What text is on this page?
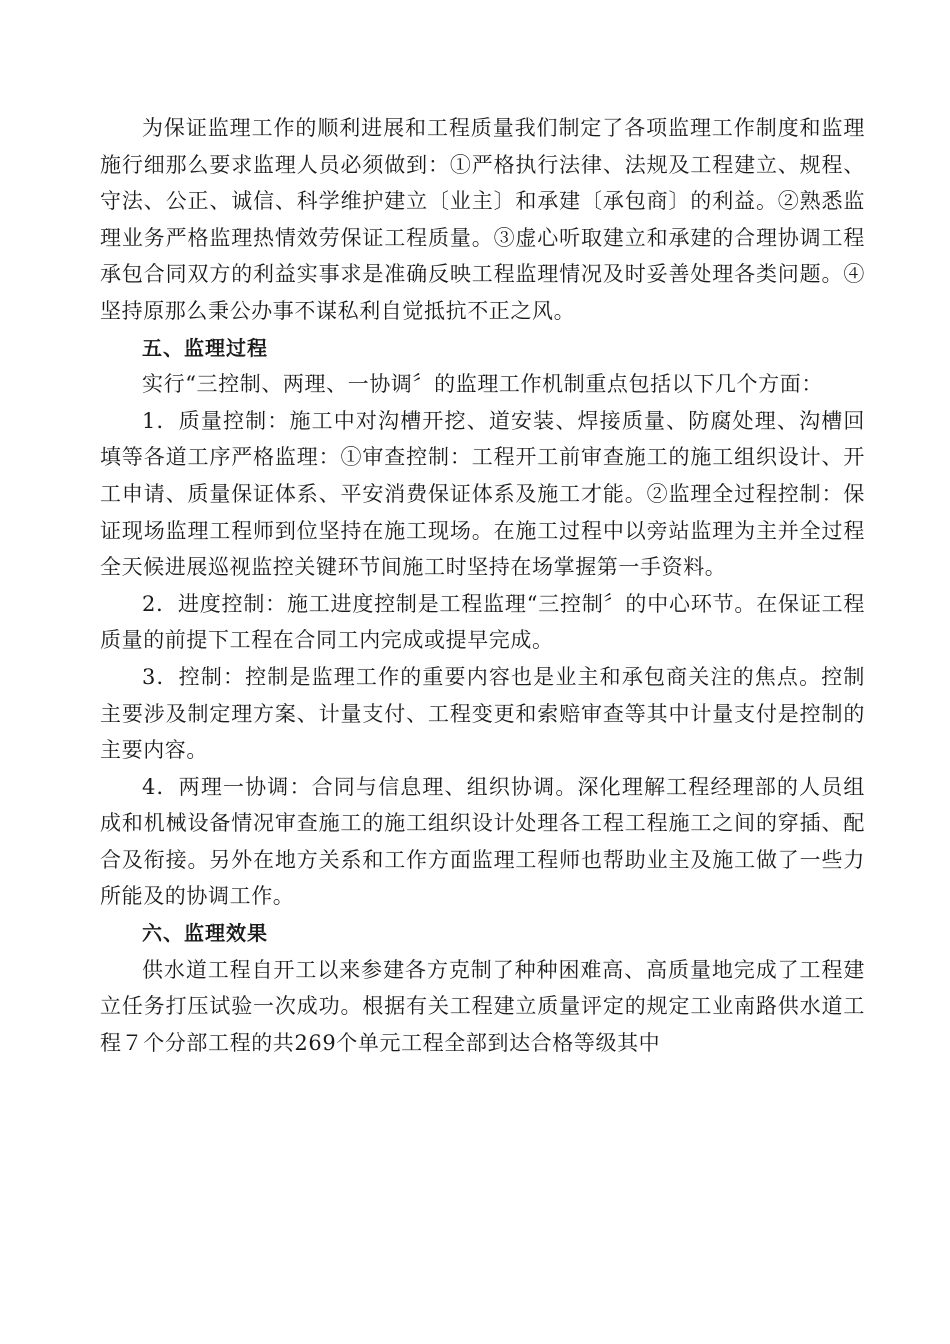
为保证监理工作的顺利进展和工程质量我们制定了各项监理工作制度和监理施行细那么要求监理人员必须做到：①严格执行法律、法规及工程建立、规程、守法、公正、诚信、科学维护建立〔业主〕和承建〔承包商〕的利益。②熟悉监理业务严格监理热情效劳保证工程质量。③虚心听取建立和承建的合理协调工程承包合同双方的利益实事求是准确反映工程监理情况及时妥善处理各类问题。④坚持原那么秉公办事不谋私利自觉抵抗不正之风。

五、监理过程

实行“三控制、两理、一协调〞的监理工作机制重点包括以下几个方面：

1．质量控制：施工中对沟槽开挖、道安装、焊接质量、防腐处理、沟槽回填等各道工序严格监理：①审查控制：工程开工前审查施工的施工组织设计、开工申请、质量保证体系、平安消费保证体系及施工才能。②监理全过程控制：保证现场监理工程师到位坚持在施工现场。在施工过程中以旁站监理为主并全过程全天候进展巡视监控关键环节间施工时坚持在场掌握第一手资料。

2．进度控制：施工进度控制是工程监理“三控制〞的中心环节。在保证工程质量的前提下工程在合同工内完成或提早完成。

3．控制：控制是监理工作的重要内容也是业主和承包商关注的焦点。控制主要涉及制定理方案、计量支付、工程变更和索赔审查等其中计量支付是控制的主要内容。

4．两理一协调：合同与信息理、组织协调。深化理解工程经理部的人员组成和机械设备情况审查施工的施工组织设计处理各工程工程施工之间的穿插、配合及衔接。另外在地方关系和工作方面监理工程师也帮助业主及施工做了一些力所能及的协调工作。

六、监理效果

供水道工程自开工以来参建各方克制了种种困难高、高质量地完成了工程建立任务打压试验一次成功。根据有关工程建立质量评定的规定工业南路供水道工程７个分部工程的共269个单元工程全部到达合格等级其中
